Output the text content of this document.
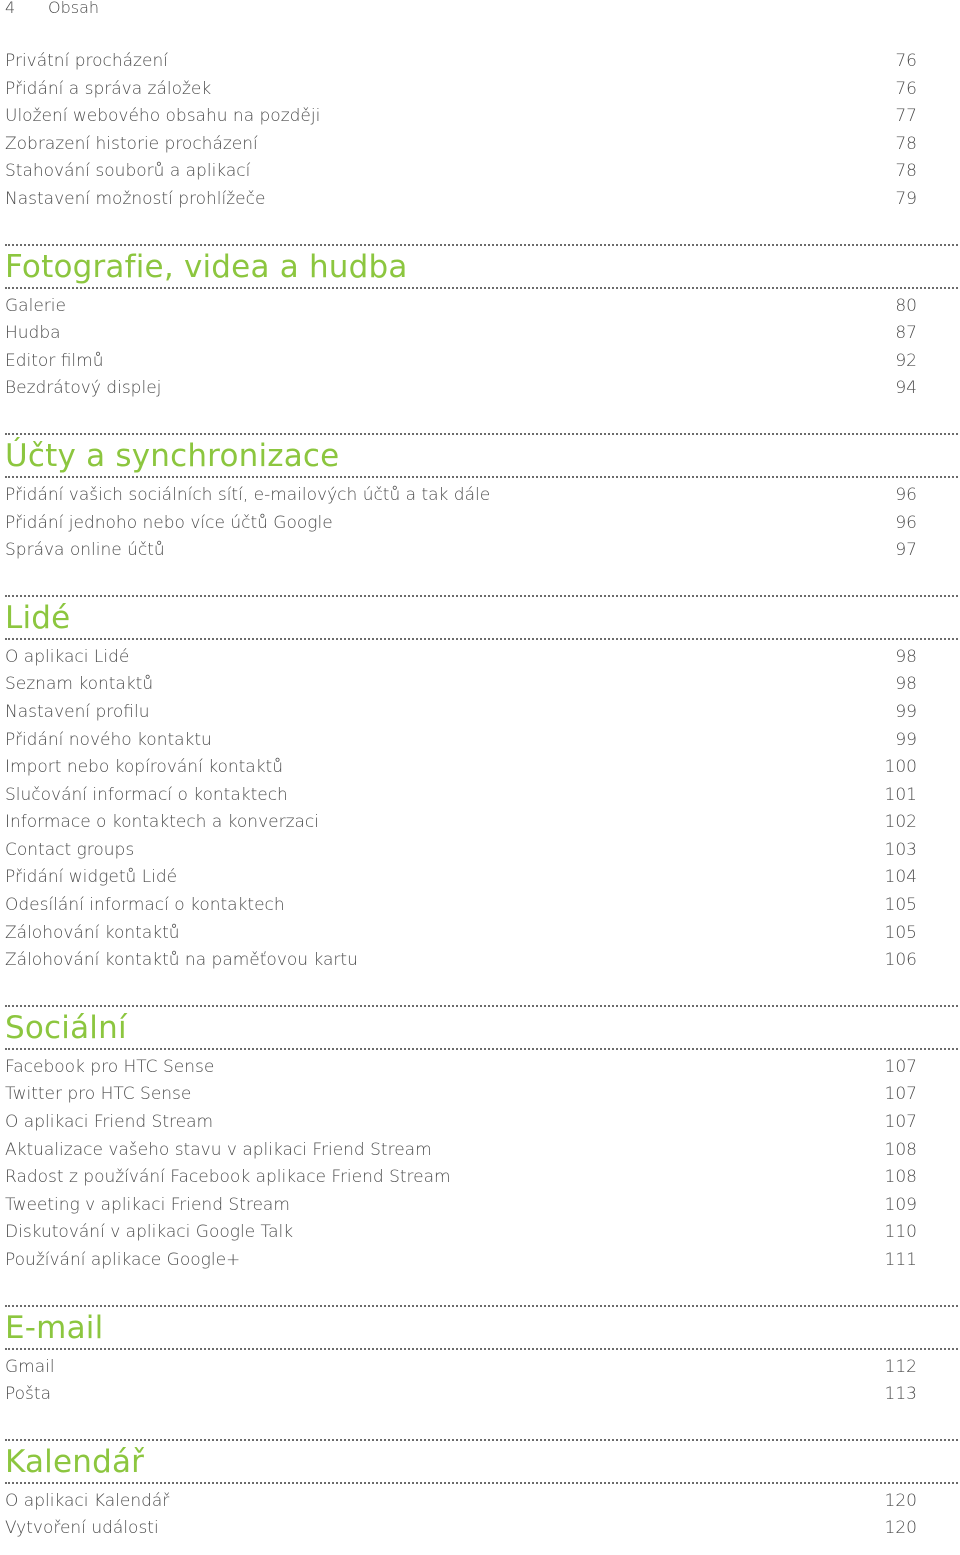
4 Obsah
Privátní procházení	76
Přidání a správa záložek	76
Uložení webového obsahu na později	77
Zobrazení historie procházení	78
Stahování souborů a aplikací	78
Nastavení možností prohlížeče	79
Fotografie, videa a hudba
Galerie	80
Hudba	87
Editor filmů	92
Bezdrátový displej	94
Účty a synchronizace
Přidání vašich sociálních sítí, e-mailových účtů a tak dále	96
Přidání jednoho nebo více účtů Google	96
Správa online účtů	97
Lidé
O aplikaci Lidé	98
Seznam kontaktů	98
Nastavení profilu	99
Přidání nového kontaktu	99
Import nebo kopírování kontaktů	100
Slučování informací o kontaktech	101
Informace o kontaktech a konverzaci	102
Contact groups	103
Přidání widgetů Lidé	104
Odesílání informací o kontaktech	105
Zálohování kontaktů	105
Zálohování kontaktů na paměťovou kartu	106
Sociální
Facebook pro HTC Sense	107
Twitter pro HTC Sense	107
O aplikaci Friend Stream	107
Aktualizace vašeho stavu v aplikaci Friend Stream	108
Radost z používání Facebook aplikace Friend Stream	108
Tweeting v aplikaci Friend Stream	109
Diskutování v aplikaci Google Talk	110
Používání aplikace Google+	111
E-mail
Gmail	112
Pošta	113
Kalendář
O aplikaci Kalendář	120
Vytvoření události	120
